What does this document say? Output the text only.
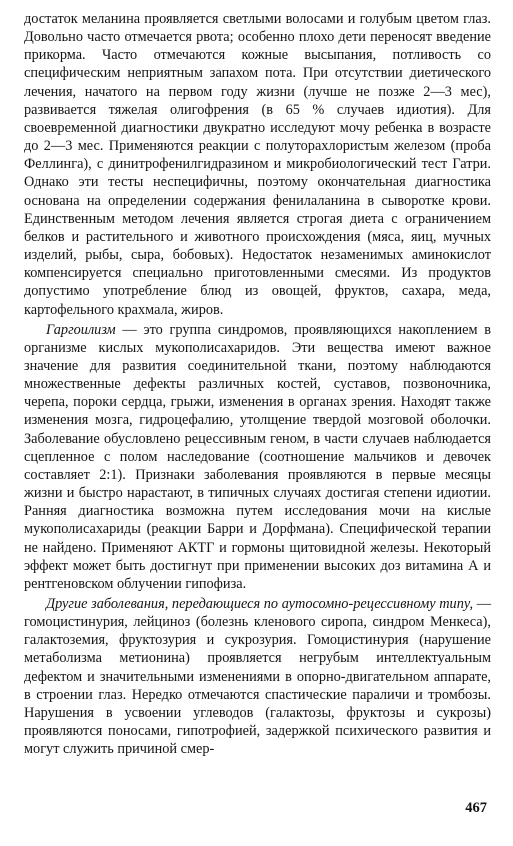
достаток меланина проявляется светлыми волосами и голубым цветом глаз. Довольно часто отмечается рвота; особенно плохо дети переносят введение прикорма. Часто отмечаются кожные высыпания, потливость со специфическим неприятным запахом пота. При отсутствии диетического лечения, начатого на первом году жизни (лучше не позже 2—3 мес), развивается тяжелая олигофрения (в 65 % случаев идиотия). Для своевременной диагностики двукратно исследуют мочу ребенка в возрасте до 2—3 мес. Применяются реакции с полуторахлористым железом (проба Феллинга), с динитрофенилгидразином и микробиологический тест Гатри. Однако эти тесты неспецифичны, поэтому окончательная диагностика основана на определении содержания фенилаланина в сыворотке крови. Единственным методом лечения является строгая диета с ограничением белков и растительного и животного происхождения (мяса, яиц, мучных изделий, рыбы, сыра, бобовых). Недостаток незаменимых аминокислот компенсируется специально приготовленными смесями. Из продуктов допустимо употребление блюд из овощей, фруктов, сахара, меда, картофельного крахмала, жиров.

Гаргоилизм — это группа синдромов, проявляющихся накоплением в организме кислых мукополисахаридов. Эти вещества имеют важное значение для развития соединительной ткани, поэтому наблюдаются множественные дефекты различных костей, суставов, позвоночника, черепа, пороки сердца, грыжи, изменения в органах зрения. Находят также изменения мозга, гидроцефалию, утолщение твердой мозговой оболочки. Заболевание обусловлено рецессивным геном, в части случаев наблюдается сцепленное с полом наследование (соотношение мальчиков и девочек составляет 2:1). Признаки заболевания проявляются в первые месяцы жизни и быстро нарастают, в типичных случаях достигая степени идиотии. Ранняя диагностика возможна путем исследования мочи на кислые мукополисахариды (реакции Барри и Дорфмана). Специфической терапии не найдено. Применяют АКТГ и гормоны щитовидной железы. Некоторый эффект может быть достигнут при применении высоких доз витамина А и рентгеновском облучении гипофиза.

Другие заболевания, передающиеся по аутосомно-рецессивному типу, — гомоцистинурия, лейциноз (болезнь кленового сиропа, синдром Менкеса), галактоземия, фруктозурия и сукрозурия. Гомоцистинурия (нарушение метаболизма метионина) проявляется негрубым интеллектуальным дефектом и значительными изменениями в опорно-двигательном аппарате, в строении глаз. Нередко отмечаются спастические параличи и тромбозы. Нарушения в усвоении углеводов (галактозы, фруктозы и сукрозы) проявляются поносами, гипотрофией, задержкой психического развития и могут служить причиной смер-

467
